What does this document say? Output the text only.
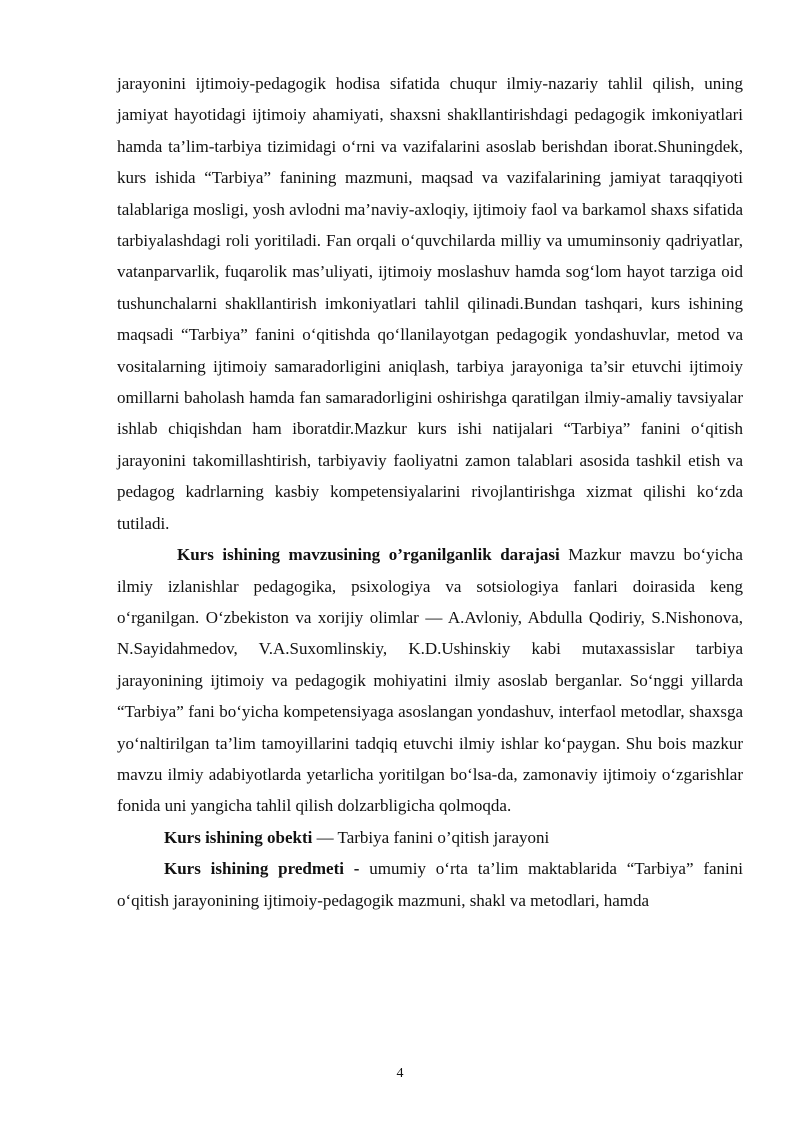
jarayonini ijtimoiy-pedagogik hodisa sifatida chuqur ilmiy-nazariy tahlil qilish, uning jamiyat hayotidagi ijtimoiy ahamiyati, shaxsni shakllantirishdagi pedagogik imkoniyatlari hamda ta’lim-tarbiya tizimidagi o‘rni va vazifalarini asoslab berishdan iborat.Shuningdek, kurs ishida “Tarbiya” fanining mazmuni, maqsad va vazifalarining jamiyat taraqqiyoti talablariga mosligi, yosh avlodni ma’naviy-axloqiy, ijtimoiy faol va barkamol shaxs sifatida tarbiyalashdagi roli yoritiladi. Fan orqali o‘quvchilarda milliy va umuminsoniy qadriyatlar, vatanparvarlik, fuqarolik mas’uliyati, ijtimoiy moslashuv hamda sog‘lom hayot tarziga oid tushunchalarni shakllantirish imkoniyatlari tahlil qilinadi.Bundan tashqari, kurs ishining maqsadi “Tarbiya” fanini o‘qitishda qo‘llanilayotgan pedagogik yondashuvlar, metod va vositalarning ijtimoiy samaradorligini aniqlash, tarbiya jarayoniga ta’sir etuvchi ijtimoiy omillarni baholash hamda fan samaradorligini oshirishga qaratilgan ilmiy-amaliy tavsiyalar ishlab chiqishdan ham iboratdir.Mazkur kurs ishi natijalari “Tarbiya” fanini o‘qitish jarayonini takomillashtirish, tarbiyaviy faoliyatni zamon talablari asosida tashkil etish va pedagog kadrlarning kasbiy kompetensiyalarini rivojlantirishga xizmat qilishi ko‘zda tutiladi.

Kurs ishining mavzusining o’rganilganlik darajasi Mazkur mavzu bo‘yicha ilmiy izlanishlar pedagogika, psixologiya va sotsiologiya fanlari doirasida keng o‘rganilgan. O‘zbekiston va xorijiy olimlar — A.Avloniy, Abdulla Qodiriy, S.Nishonova, N.Sayidahmedov, V.A.Suxomlinskiy, K.D.Ushinskiy kabi mutaxassislar tarbiya jarayonining ijtimoiy va pedagogik mohiyatini ilmiy asoslab berganlar. So‘nggi yillarda “Tarbiya” fani bo‘yicha kompetensiyaga asoslangan yondashuv, interfaol metodlar, shaxsga yo‘naltirilgan ta’lim tamoyillarini tadqiq etuvchi ilmiy ishlar ko‘paygan. Shu bois mazkur mavzu ilmiy adabiyotlarda yetarlicha yoritilgan bo‘lsa-da, zamonaviy ijtimoiy o‘zgarishlar fonida uni yangicha tahlil qilish dolzarbligicha qolmoqda.

Kurs ishining obekti — Tarbiya fanini o’qitish jarayoni

Kurs ishining predmeti - umumiy o‘rta ta’lim maktablarida “Tarbiya” fanini o‘qitish jarayonining ijtimoiy-pedagogik mazmuni, shakl va metodlari, hamda

4
